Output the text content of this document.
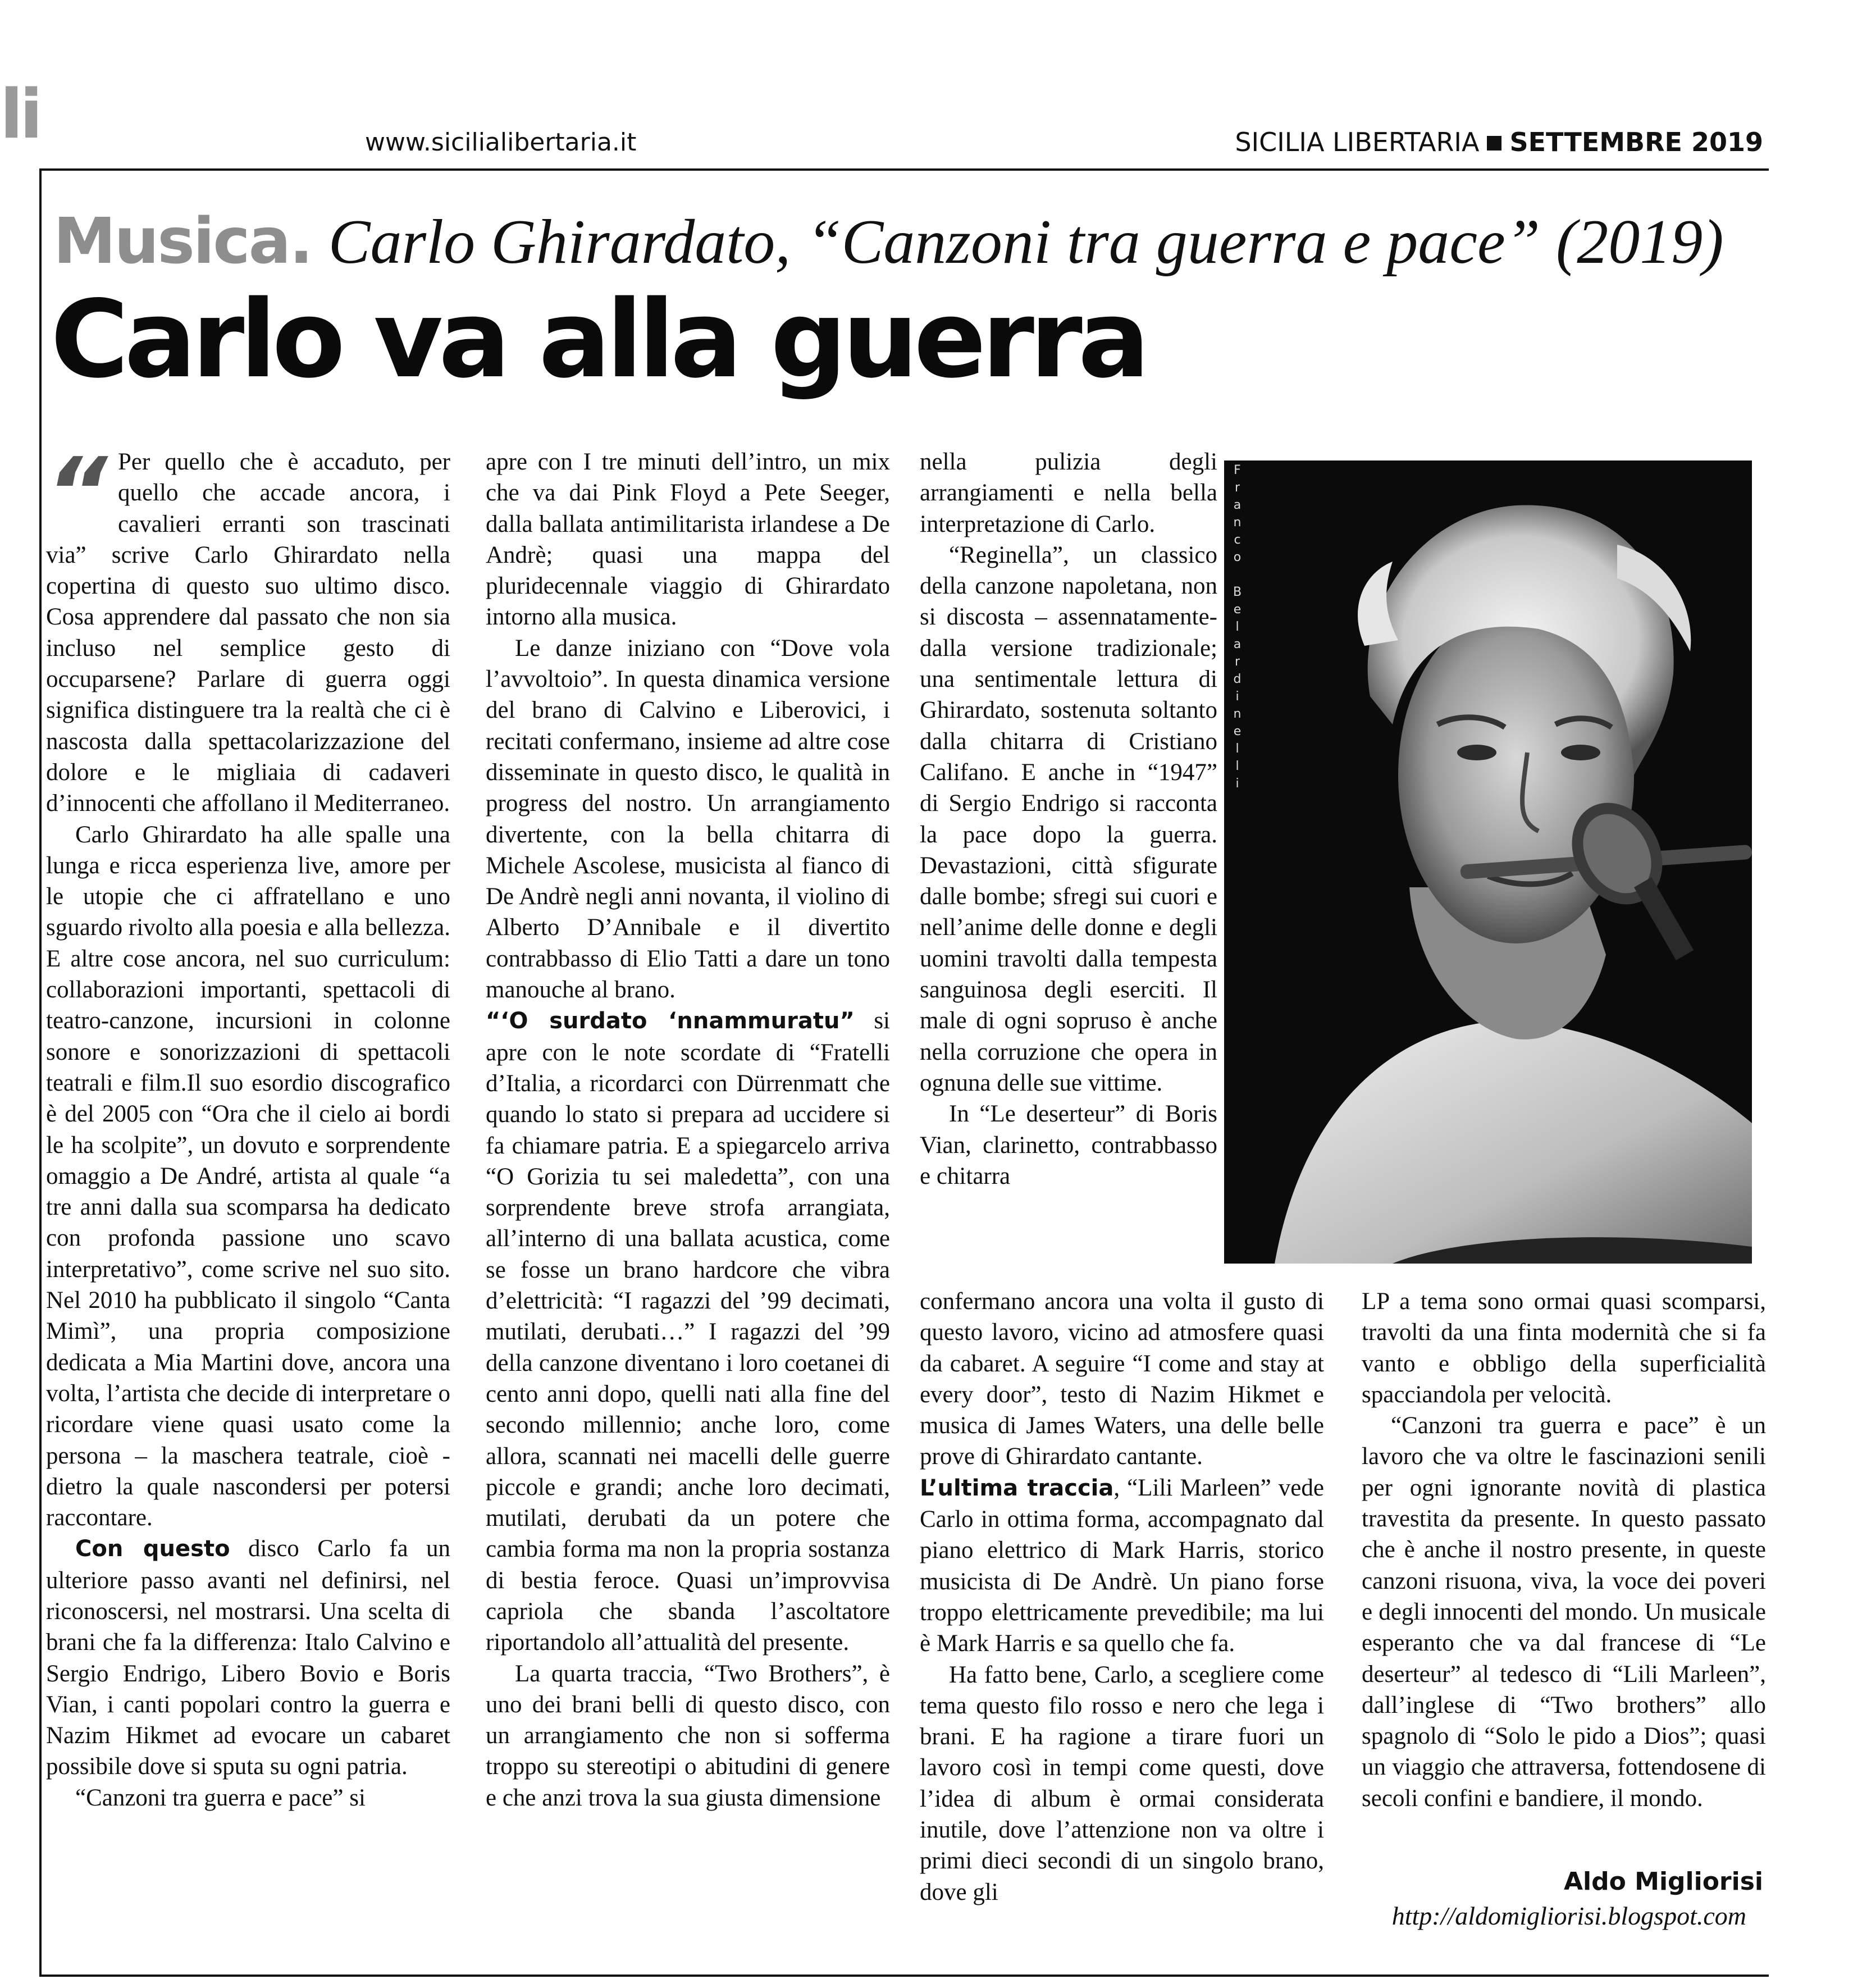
li	www.sicilialibertaria.it	SICILIA LIBERTARIA SETTEMBRE 2019
Musica. Carlo Ghirardato, “Canzoni tra guerra e pace” (2019)
Carlo va alla guerra

“ Per quello che è accaduto, per quello che accade ancora, i cavalieri erranti son trascinati via” scrive Carlo Ghirardato nella copertina di questo suo ultimo disco. Cosa apprendere dal passato che non sia incluso nel semplice gesto di occuparsene? Parlare di guerra oggi significa distinguere tra la realtà che ci è nascosta dalla spettacolarizzazione del dolore e le migliaia di cadaveri d’innocenti che affollano il Mediterraneo.

Carlo Ghirardato ha alle spalle una lunga e ricca esperienza live, amore per le utopie che ci affratellano e uno sguardo rivolto alla poesia e alla bellezza. E altre cose ancora, nel suo curriculum: collaborazioni importanti, spettacoli di teatro-canzone, incursioni in colonne sonore e sonorizzazioni di spettacoli teatrali e film.Il suo esordio discografico è del 2005 con “Ora che il cielo ai bordi le ha scolpite”, un dovuto e sorprendente omaggio a De André, artista al quale “a tre anni dalla sua scomparsa ha dedicato con profonda passione uno scavo interpretativo”, come scrive nel suo sito. Nel 2010 ha pubblicato il singolo “Canta Mimì”, una propria composizione dedicata a Mia Martini dove, ancora una volta, l’artista che decide di interpretare o ricordare viene quasi usato come la persona – la maschera teatrale, cioè - dietro la quale nascondersi per potersi raccontare.

Con questo disco Carlo fa un ulteriore passo avanti nel definirsi, nel riconoscersi, nel mostrarsi. Una scelta di brani che fa la differenza: Italo Calvino e Sergio Endrigo, Libero Bovio e Boris Vian, i canti popolari contro la guerra e Nazim Hikmet ad evocare un cabaret possibile dove si sputa su ogni patria.

“Canzoni tra guerra e pace” si

apre con I tre minuti dell’intro, un mix che va dai Pink Floyd a Pete Seeger, dalla ballata antimilitarista irlandese a De Andrè; quasi una mappa del pluridecennale viaggio di Ghirardato intorno alla musica.

Le danze iniziano con “Dove vola l’avvoltoio”. In questa dinamica versione del brano di Calvino e Liberovici, i recitati confermano, insieme ad altre cose disseminate in questo disco, le qualità in progress del nostro. Un arrangiamento divertente, con la bella chitarra di Michele Ascolese, musicista al fianco di De Andrè negli anni novanta, il violino di Alberto D’Annibale e il divertito contrabbasso di Elio Tatti a dare un tono manouche al brano.

“‘O surdato ‘nnammuratu” si apre con le note scordate di “Fratelli d’Italia, a ricordarci con Dürrenmatt che quando lo stato si prepara ad uccidere si fa chiamare patria. E a spiegarcelo arriva “O Gorizia tu sei maledetta”, con una sorprendente breve strofa arrangiata, all’interno di una ballata acustica, come se fosse un brano hardcore che vibra d’elettricità: “I ragazzi del ’99 decimati, mutilati, derubati…” I ragazzi del ’99 della canzone diventano i loro coetanei di cento anni dopo, quelli nati alla fine del secondo millennio; anche loro, come allora, scannati nei macelli delle guerre piccole e grandi; anche loro decimati, mutilati, derubati da un potere che cambia forma ma non la propria sostanza di bestia feroce. Quasi un’improvvisa capriola che sbanda l’ascoltatore riportandolo all’attualità del presente.

La quarta traccia, “Two Brothers”, è uno dei brani belli di questo disco, con un arrangiamento che non si sofferma troppo su stereotipi o abitudini di genere e che anzi trova la sua giusta dimensione

nella pulizia degli arrangiamenti e nella bella interpretazione di Carlo.

“Reginella”, un classico della canzone napoletana, non si discosta – assennatamente- dalla versione tradizionale; una sentimentale lettura di Ghirardato, sostenuta soltanto dalla chitarra di Cristiano Califano. E anche in “1947” di Sergio Endrigo si racconta la pace dopo la guerra. Devastazioni, città sfigurate dalle bombe; sfregi sui cuori e nell’anime delle donne e degli uomini travolti dalla tempesta sanguinosa degli eserciti. Il male di ogni sopruso è anche nella corruzione che opera in ognuna delle sue vittime.

In “Le deserteur” di Boris Vian, clarinetto, contrabbasso e chitarra

confermano ancora una volta il gusto di questo lavoro, vicino ad atmosfere quasi da cabaret. A seguire “I come and stay at every door”, testo di Nazim Hikmet e musica di James Waters, una delle belle prove di Ghirardato cantante.

L’ultima traccia, “Lili Marleen” vede Carlo in ottima forma, accompagnato dal piano elettrico di Mark Harris, storico musicista di De Andrè. Un piano forse troppo elettricamente prevedibile; ma lui è Mark Harris e sa quello che fa.

Ha fatto bene, Carlo, a scegliere come tema questo filo rosso e nero che lega i brani. E ha ragione a tirare fuori un lavoro così in tempi come questi, dove l’idea di album è ormai considerata inutile, dove l’attenzione non va oltre i primi dieci secondi di un singolo brano, dove gli

LP a tema sono ormai quasi scomparsi, travolti da una finta modernità che si fa vanto e obbligo della superficialità spacciandola per velocità.

“Canzoni tra guerra e pace” è un lavoro che va oltre le fascinazioni senili per ogni ignorante novità di plastica travestita da presente. In questo passato che è anche il nostro presente, in queste canzoni risuona, viva, la voce dei poveri e degli innocenti del mondo. Un musicale esperanto che va dal francese di “Le deserteur” al tedesco di “Lili Marleen”, dall’inglese di “Two brothers” allo spagnolo di “Solo le pido a Dios”; quasi un viaggio che attraversa, fottendosene di secoli confini e bandiere, il mondo.

Franco Belardinelli
Aldo Migliorisi
http://aldomigliorisi.blogspot.com
